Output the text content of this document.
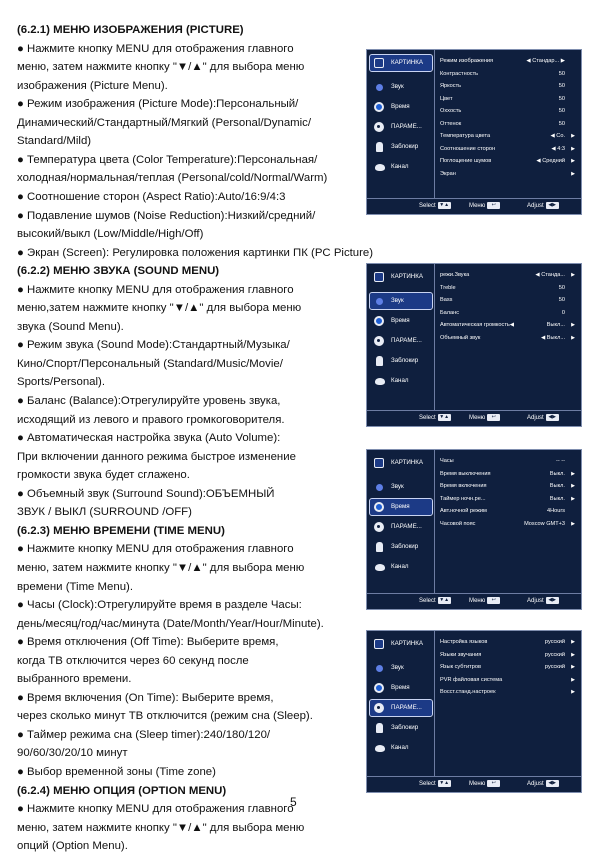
(6.2.1) МЕНЮ ИЗОБРАЖЕНИЯ (PICTURE)
● Нажмите кнопку MENU для отображения главного
меню, затем нажмите кнопку "▼/▲" для выбора меню
изображения (Picture Menu).
● Режим изображения (Picture Mode):Персональный/
Динамический/Стандартный/Мягкий (Personal/Dynamic/
Standard/Mild)
● Температура цвета (Color Temperature):Персональная/
холодная/нормальная/теплая (Personal/cold/Normal/Warm)
● Соотношение сторон (Aspect Ratio):Auto/16:9/4:3
● Подавление шумов (Noise Reduction):Низкий/средний/
высокий/выкл (Low/Middle/High/Off)
● Экран (Screen): Регулировка положения картинки ПК (PC Picture)
(6.2.2) МЕНЮ ЗВУКА (SOUND MENU)
● Нажмите кнопку MENU для отображения главного
меню,затем нажмите кнопку "▼/▲" для выбора меню
звука (Sound Menu).
● Режим звука (Sound Mode):Стандартный/Музыка/
Кино/Спорт/Персональный (Standard/Music/Movie/
Sports/Personal).
● Баланс (Balance):Отрегулируйте уровень звука,
исходящий из левого и правого громкоговорителя.
● Автоматическая настройка звука (Auto Volume):
При включении данного режима быстрое изменение
громкости звука будет сглажено.
● Объемный звук (Surround Sound):ОБЪЕМНЫЙ
ЗВУК / ВЫКЛ (SURROUND /OFF)
(6.2.3) МЕНЮ ВРЕМЕНИ (TIME MENU)
● Нажмите кнопку MENU для отображения главного
меню, затем нажмите кнопку "▼/▲" для выбора меню
времени (Time Menu).
● Часы (Clock):Отрегулируйте время в разделе Часы:
день/месяц/год/час/минута (Date/Month/Year/Hour/Minute).
● Время отключения (Off Time): Выберите время,
когда ТВ отключится через 60 секунд после
выбранного времени.
● Время включения (On Time): Выберите время,
через сколько минут ТВ отключится (режим сна (Sleep).
● Таймер режима сна (Sleep timer):240/180/120/
90/60/30/20/10 минут
● Выбор временной зоны (Time zone)
(6.2.4) МЕНЮ ОПЦИЯ (OPTION MENU)
● Нажмите кнопку MENU для отображения главного
меню, затем нажмите кнопку "▼/▲" для выбора меню
опций (Option Menu).
5
КАРТИНКА
Звук
Время
ПАРАМЕ...
Заблокир
Канал
Режим изображения	◀ Стандар... ▶
Контрастность	50
Яркость	50
Цвет	50
Оxxость	50
Оттенок	50
Температура цвета	◀ Со. ▶
Соотношение сторон	◀ 4:3 ▶
Поглощение шумов	◀ Средний ▶
Экран	▶
Select ▼▲	Меню ↩	Adjust ◀▶
КАРТИНКА
Звук
Время
ПАРАМЕ...
Заблокир
Канал
режи.Звука	◀ Станда... ▶
Treble	50
Bass	50
Баланс	0
Автоматическая громкость◀	Выкл... ▶
Объемный звук	◀ Выкл... ▶
Select ▼▲	Меню ↩	Adjust ◀▶
КАРТИНКА
Звук
Время
ПАРАМЕ...
Заблокир
Канал
Часы	-- --
Время выключения	Выкл. ▶
Время включения	Выкл. ▶
Таймер ночн.ре...	Выкл. ▶
Авт.ночной режим	4Hours
Часовой пояс	Moscow GMT+3 ▶
Select ▼▲	Меню ↩	Adjust ◀▶
КАРТИНКА
Звук
Время
ПАРАМЕ...
Заблокир
Канал
Настройка языков	русский ▶
Языки звучания	русский ▶
Язык субтитров	русский ▶
PVR файловая система	▶
Восст.станд.настроек	▶
Select ▼▲	Меню ↩	Adjust ◀▶
